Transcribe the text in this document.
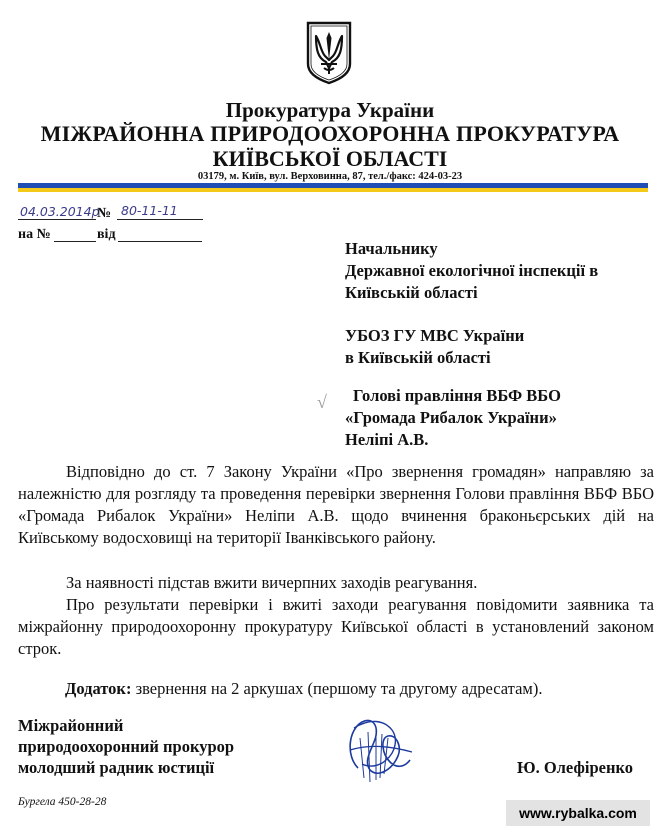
Прокуратура України
МІЖРАЙОННА ПРИРОДООХОРОННА ПРОКУРАТУРА
КИЇВСЬКОЇ ОБЛАСТІ
03179, м. Київ, вул. Верховинна, 87, тел./факс: 424-03-23
04.03.2014р
№ 80-11-11
на №	від
Начальнику
Державної екологічної інспекції в
Київській області
УБОЗ ГУ МВС України
в Київській області
√ Голові правління ВБФ ВБО
«Громада Рибалок України»
Неліпі А.В.
Відповідно до ст. 7 Закону України «Про звернення громадян» направляю за належністю для розгляду та проведення перевірки звернення Голови правління ВБФ ВБО «Громада Рибалок України» Неліпи А.В. щодо вчинення браконьєрських дій на Київському водосховищі на території Іванківського району.
За наявності підстав вжити вичерпних заходів реагування.
Про результати перевірки і вжиті заходи реагування повідомити заявника та міжрайонну природоохоронну прокуратуру Київської області в установлений законом строк.
Додаток: звернення на 2 аркушах (першому та другому адресатам).
Міжрайонний
природоохоронний прокурор
молодший радник юстиції	Ю. Олефіренко
Бургела 450-28-28
www.rybalka.com
